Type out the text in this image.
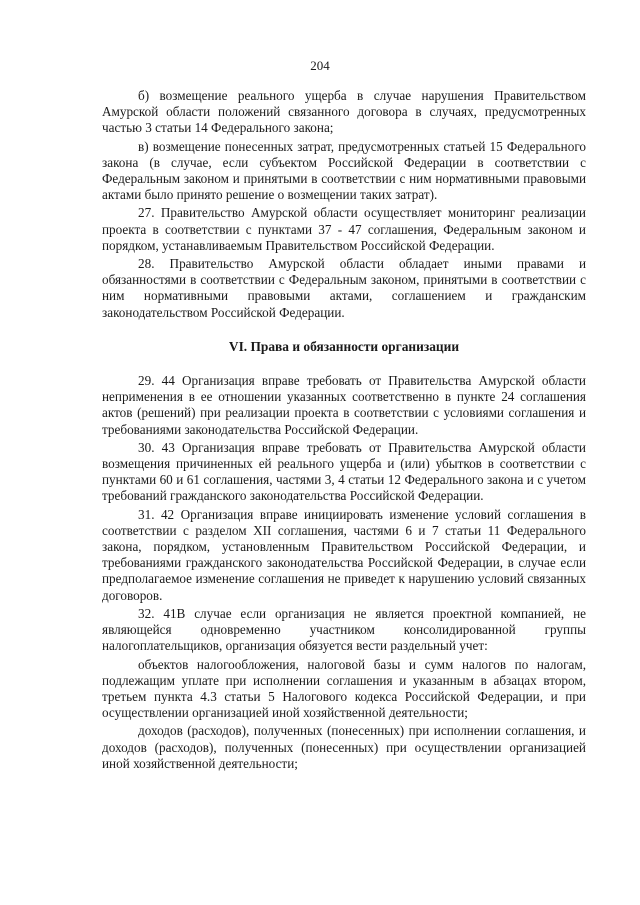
204

б) возмещение реального ущерба в случае нарушения Правительством Амурской области положений связанного договора в случаях, предусмотренных частью 3 статьи 14 Федерального закона;

в) возмещение понесенных затрат, предусмотренных статьей 15 Федерального закона (в случае, если субъектом Российской Федерации в соответствии с Федеральным законом и принятыми в соответствии с ним нормативными правовыми актами было принято решение о возмещении таких затрат).

27. Правительство Амурской области осуществляет мониторинг реализации проекта в соответствии с пунктами 37 - 47 соглашения, Федеральным законом и порядком, устанавливаемым Правительством Российской Федерации.

28. Правительство Амурской области обладает иными правами и обязанностями в соответствии с Федеральным законом, принятыми в соответствии с ним нормативными правовыми актами, соглашением и гражданским законодательством Российской Федерации.

VI. Права и обязанности организации

29. 44 Организация вправе требовать от Правительства Амурской области неприменения в ее отношении указанных соответственно в пункте 24 соглашения актов (решений) при реализации проекта в соответствии с условиями соглашения и требованиями законодательства Российской Федерации.

30. 43 Организация вправе требовать от Правительства Амурской области возмещения причиненных ей реального ущерба и (или) убытков в соответствии с пунктами 60 и 61 соглашения, частями 3, 4 статьи 12 Федерального закона и с учетом требований гражданского законодательства Российской Федерации.

31. 42 Организация вправе инициировать изменение условий соглашения в соответствии с разделом XII соглашения, частями 6 и 7 статьи 11 Федерального закона, порядком, установленным Правительством Российской Федерации, и требованиями гражданского законодательства Российской Федерации, в случае если предполагаемое изменение соглашения не приведет к нарушению условий связанных договоров.

32. 41В случае если организация не является проектной компанией, не являющейся одновременно участником консолидированной группы налогоплательщиков, организация обязуется вести раздельный учет:

объектов налогообложения, налоговой базы и сумм налогов по налогам, подлежащим уплате при исполнении соглашения и указанным в абзацах втором, третьем пункта 4.3 статьи 5 Налогового кодекса Российской Федерации, и при осуществлении организацией иной хозяйственной деятельности;

доходов (расходов), полученных (понесенных) при исполнении соглашения, и доходов (расходов), полученных (понесенных) при осуществлении организацией иной хозяйственной деятельности;
